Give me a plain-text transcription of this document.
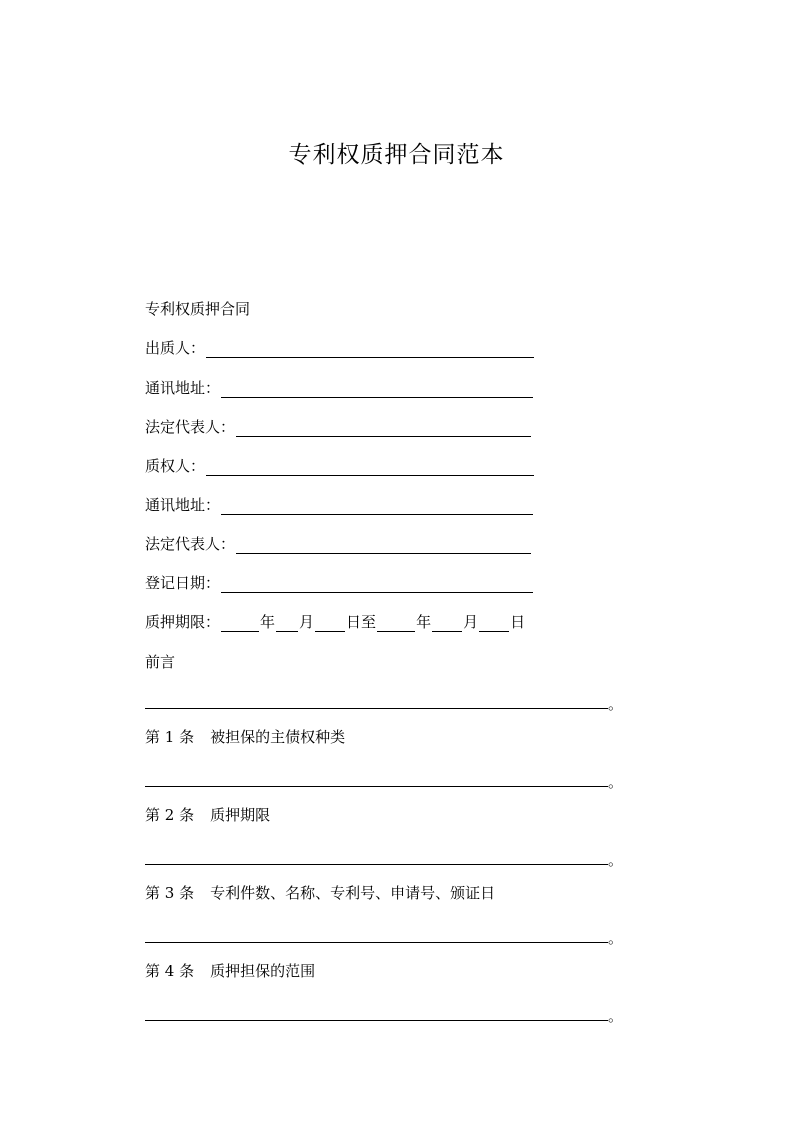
专利权质押合同范本
专利权质押合同
出质人：
通讯地址：
法定代表人：
质权人：
通讯地址：
法定代表人：
登记日期：
质押期限：	年 月 日至	年 月 日
前言
。
第 1 条 被担保的主债权种类
。
第 2 条 质押期限
。
第 3 条 专利件数、名称、专利号、申请号、颁证日
。
第 4 条 质押担保的范围
。
